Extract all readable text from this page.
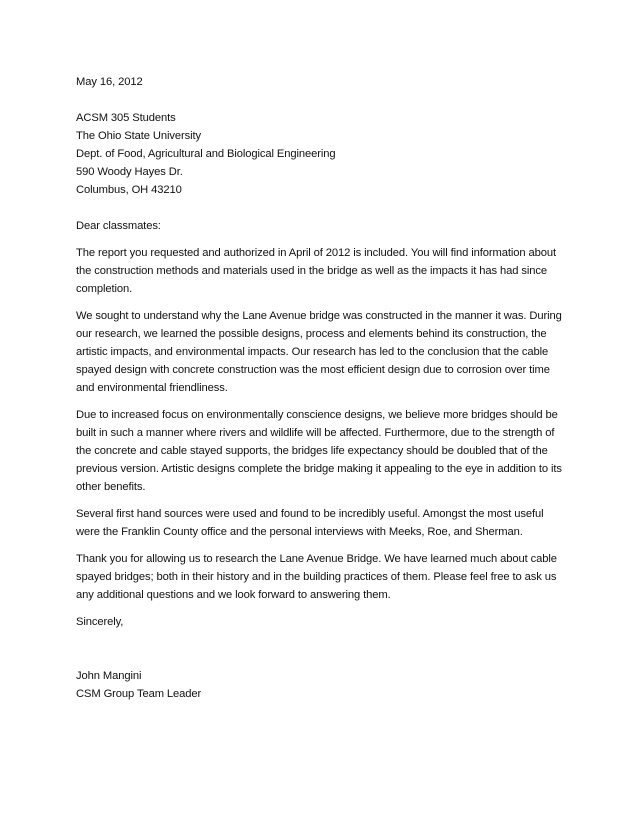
May 16, 2012
ACSM 305 Students
The Ohio State University
Dept. of Food, Agricultural and Biological Engineering
590 Woody Hayes Dr.
Columbus, OH 43210

Dear classmates:

The report you requested and authorized in April of 2012 is included. You will find information about the construction methods and materials used in the bridge as well as the impacts it has had since completion.

We sought to understand why the Lane Avenue bridge was constructed in the manner it was. During our research, we learned the possible designs, process and elements behind its construction, the artistic impacts, and environmental impacts. Our research has led to the conclusion that the cable spayed design with concrete construction was the most efficient design due to corrosion over time and environmental friendliness.

Due to increased focus on environmentally conscience designs, we believe more bridges should be built in such a manner where rivers and wildlife will be affected. Furthermore, due to the strength of the concrete and cable stayed supports, the bridges life expectancy should be doubled that of the previous version. Artistic designs complete the bridge making it appealing to the eye in addition to its other benefits.

Several first hand sources were used and found to be incredibly useful. Amongst the most useful were the Franklin County office and the personal interviews with Meeks, Roe, and Sherman.

Thank you for allowing us to research the Lane Avenue Bridge. We have learned much about cable spayed bridges; both in their history and in the building practices of them. Please feel free to ask us any additional questions and we look forward to answering them.

Sincerely,
John Mangini
CSM Group Team Leader
